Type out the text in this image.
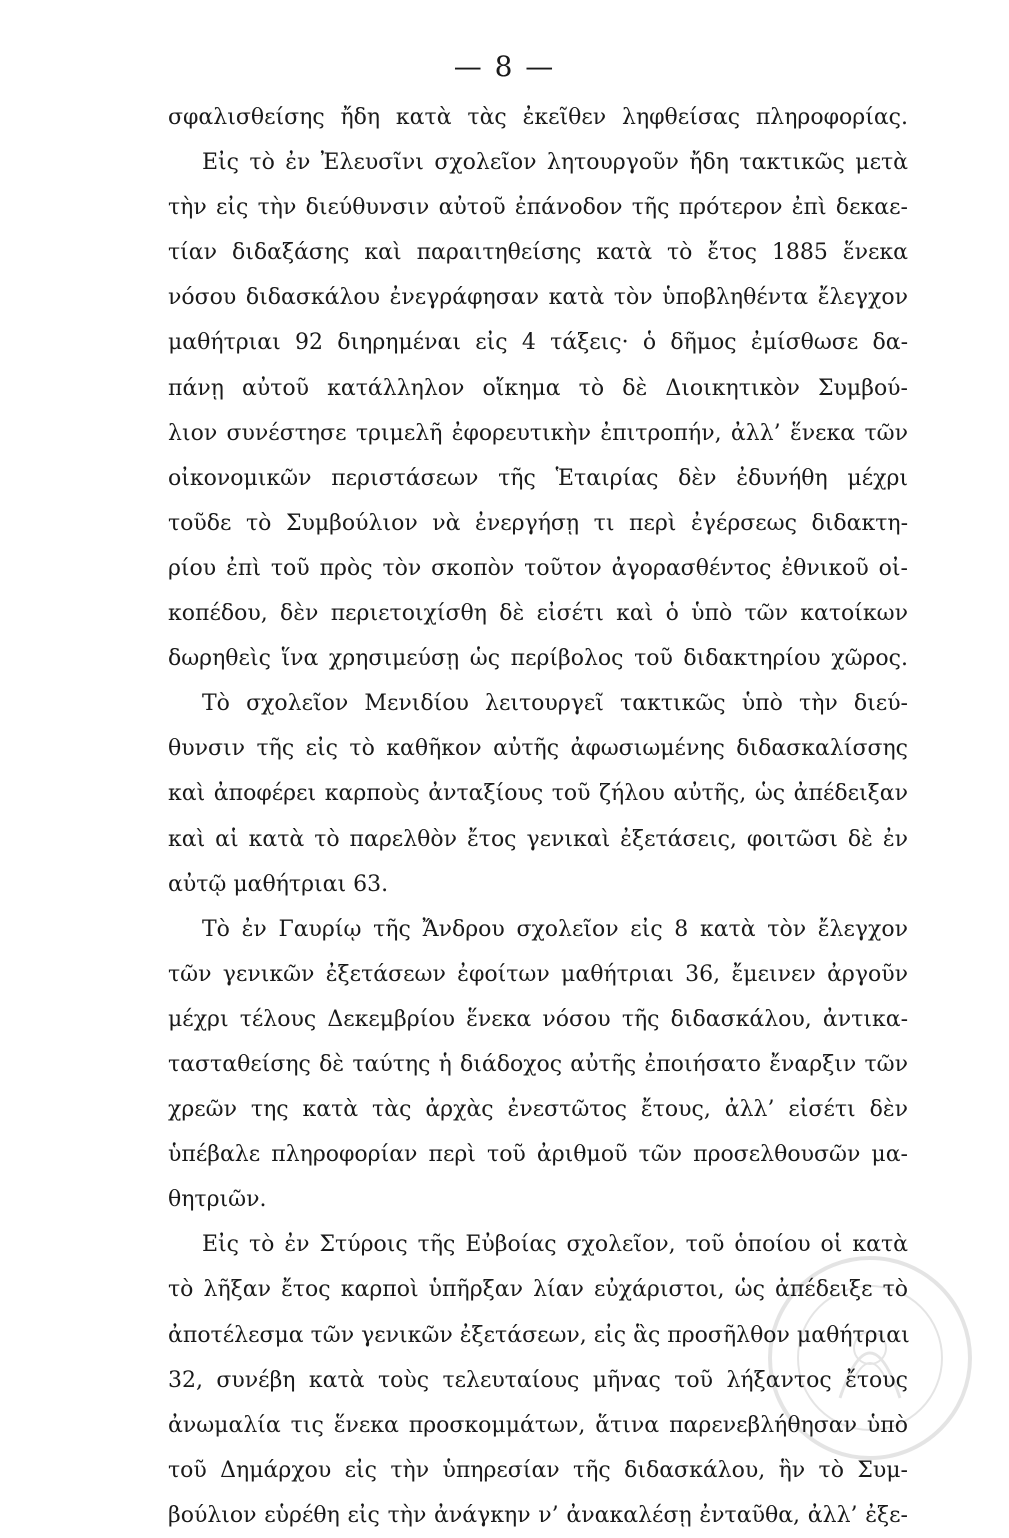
— 8 —
σφαλισθείσης ἤδη κατὰ τὰς ἐκεῖθεν ληφθείσας πληροφορίας.
Εἰς τὸ ἐν Ἐλευσῖνι σχολεῖον λητουργοῦν ἤδη τακτικῶς μετὰ
τὴν εἰς τὴν διεύθυνσιν αὐτοῦ ἐπάνοδον τῆς πρότερον ἐπὶ δεκαε-
τίαν διδαξάσης καὶ παραιτηθείσης κατὰ τὸ ἔτος 1885 ἕνεκα
νόσου διδασκάλου ἐνεγράφησαν κατὰ τὸν ὑποβληθέντα ἔλεγχον
μαθήτριαι 92 διηρημέναι εἰς 4 τάξεις· ὁ δῆμος ἐμίσθωσε δα-
πάνῃ αὐτοῦ κατάλληλον οἴκημα τὸ δὲ Διοικητικὸν Συμβού-
λιον συνέστησε τριμελῆ ἐφορευτικὴν ἐπιτροπήν, ἀλλ’ ἕνεκα τῶν
οἰκονομικῶν περιστάσεων τῆς Ἑταιρίας δὲν ἐδυνήθη μέχρι
τοῦδε τὸ Συμβούλιον νὰ ἐνεργήσῃ τι περὶ ἐγέρσεως διδακτη-
ρίου ἐπὶ τοῦ πρὸς τὸν σκοπὸν τοῦτον ἀγορασθέντος ἐθνικοῦ οἰ-
κοπέδου, δὲν περιετοιχίσθη δὲ εἰσέτι καὶ ὁ ὑπὸ τῶν κατοίκων
δωρηθεὶς ἵνα χρησιμεύσῃ ὡς περίβολος τοῦ διδακτηρίου χῶρος.
Τὸ σχολεῖον Μενιδίου λειτουργεῖ τακτικῶς ὑπὸ τὴν διεύ-
θυνσιν τῆς εἰς τὸ καθῆκον αὐτῆς ἀφωσιωμένης διδασκαλίσσης
καὶ ἀποφέρει καρποὺς ἀνταξίους τοῦ ζήλου αὐτῆς, ὡς ἀπέδειξαν
καὶ αἱ κατὰ τὸ παρελθὸν ἔτος γενικαὶ ἐξετάσεις, φοιτῶσι δὲ ἐν
αὐτῷ μαθήτριαι 63.
Τὸ ἐν Γαυρίῳ τῆς Ἄνδρου σχολεῖον εἰς 8 κατὰ τὸν ἔλεγχον
τῶν γενικῶν ἐξετάσεων ἐφοίτων μαθήτριαι 36, ἔμεινεν ἀργοῦν
μέχρι τέλους Δεκεμβρίου ἕνεκα νόσου τῆς διδασκάλου, ἀντικα-
τασταθείσης δὲ ταύτης ἡ διάδοχος αὐτῆς ἐποιήσατο ἔναρξιν τῶν
χρεῶν της κατὰ τὰς ἀρχὰς ἐνεστῶτος ἔτους, ἀλλ’ εἰσέτι δὲν
ὑπέβαλε πληροφορίαν περὶ τοῦ ἀριθμοῦ τῶν προσελθουσῶν μα-
θητριῶν.
Εἰς τὸ ἐν Στύροις τῆς Εὐβοίας σχολεῖον, τοῦ ὁποίου οἱ κατὰ
τὸ λῆξαν ἔτος καρποὶ ὑπῆρξαν λίαν εὐχάριστοι, ὡς ἀπέδειξε τὸ
ἀποτέλεσμα τῶν γενικῶν ἐξετάσεων, εἰς ἃς προσῆλθον μαθήτριαι
32, συνέβη κατὰ τοὺς τελευταίους μῆνας τοῦ λήξαντος ἔτους
ἀνωμαλία τις ἕνεκα προσκομμάτων, ἅτινα παρενεβλήθησαν ὑπὸ
τοῦ Δημάρχου εἰς τὴν ὑπηρεσίαν τῆς διδασκάλου, ἣν τὸ Συμ-
βούλιον εὑρέθη εἰς τὴν ἀνάγκην ν’ ἀνακαλέσῃ ἐνταῦθα, ἀλλ’ ἐξε-
